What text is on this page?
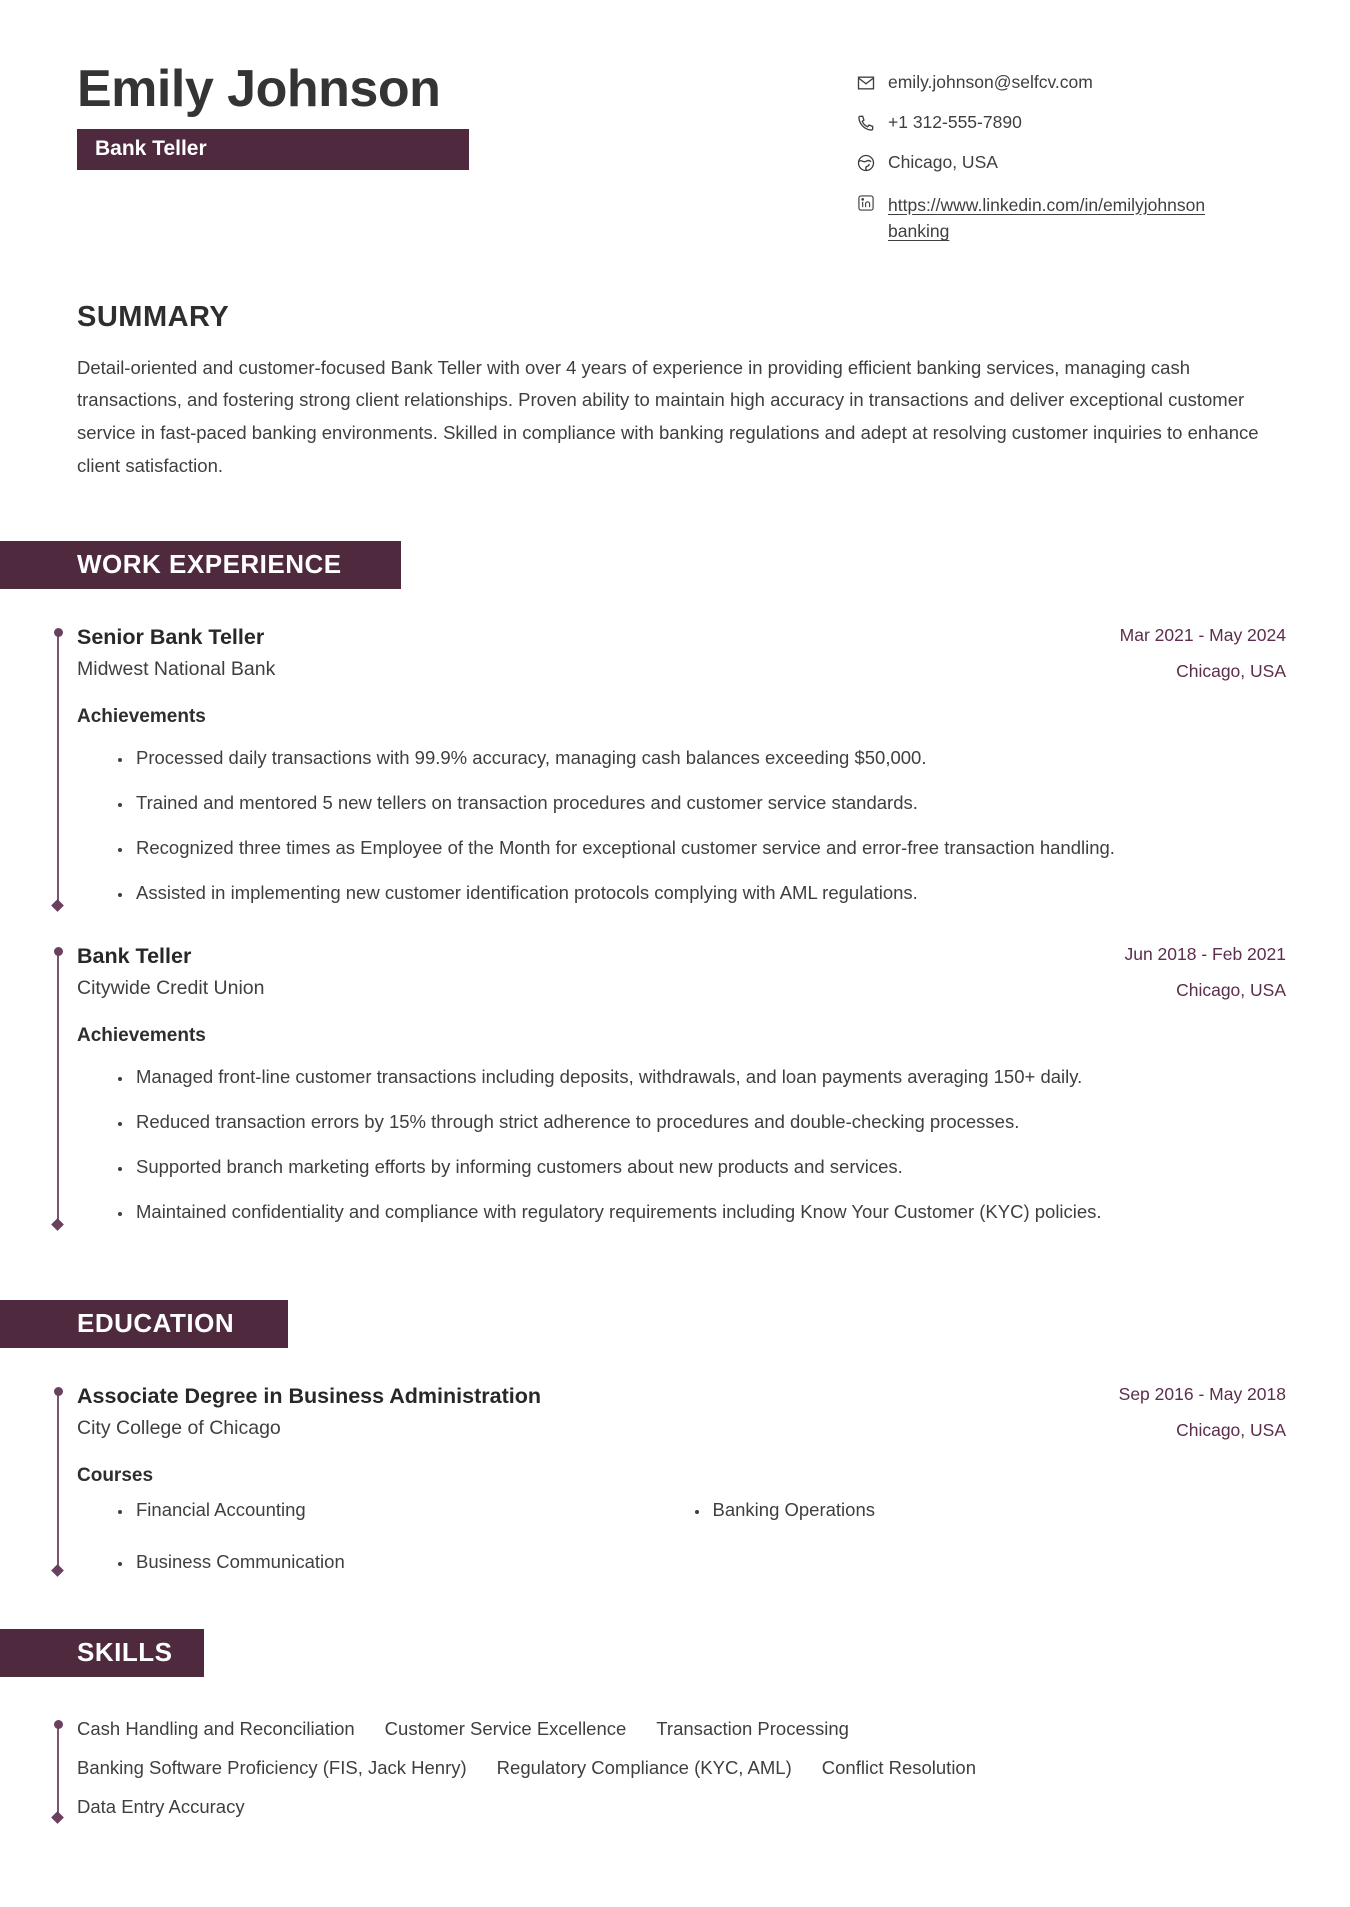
Emily Johnson
Bank Teller
emily.johnson@selfcv.com
+1 312-555-7890
Chicago, USA
https://www.linkedin.com/in/emilyjohnson
banking
SUMMARY

Detail-oriented and customer-focused Bank Teller with over 4 years of experience in providing efficient banking services, managing cash transactions, and fostering strong client relationships. Proven ability to maintain high accuracy in transactions and deliver exceptional customer service in fast-paced banking environments. Skilled in compliance with banking regulations and adept at resolving customer inquiries to enhance client satisfaction.

WORK EXPERIENCE
Senior Bank Teller
Midwest National Bank
Mar 2021 - May 2024
Chicago, USA
Achievements
• Processed daily transactions with 99.9% accuracy, managing cash balances exceeding $50,000.
• Trained and mentored 5 new tellers on transaction procedures and customer service standards.
• Recognized three times as Employee of the Month for exceptional customer service and error-free transaction handling.
• Assisted in implementing new customer identification protocols complying with AML regulations.
Bank Teller
Citywide Credit Union
Jun 2018 - Feb 2021
Chicago, USA
Achievements
• Managed front-line customer transactions including deposits, withdrawals, and loan payments averaging 150+ daily.
• Reduced transaction errors by 15% through strict adherence to procedures and double-checking processes.
• Supported branch marketing efforts by informing customers about new products and services.
• Maintained confidentiality and compliance with regulatory requirements including Know Your Customer (KYC) policies.
EDUCATION
Associate Degree in Business Administration
City College of Chicago
Sep 2016 - May 2018
Chicago, USA
Courses
• Financial Accounting	• Banking Operations
• Business Communication
SKILLS
Cash Handling and Reconciliation Customer Service Excellence Transaction Processing
Banking Software Proficiency (FIS, Jack Henry) Regulatory Compliance (KYC, AML) Conflict Resolution
Data Entry Accuracy
